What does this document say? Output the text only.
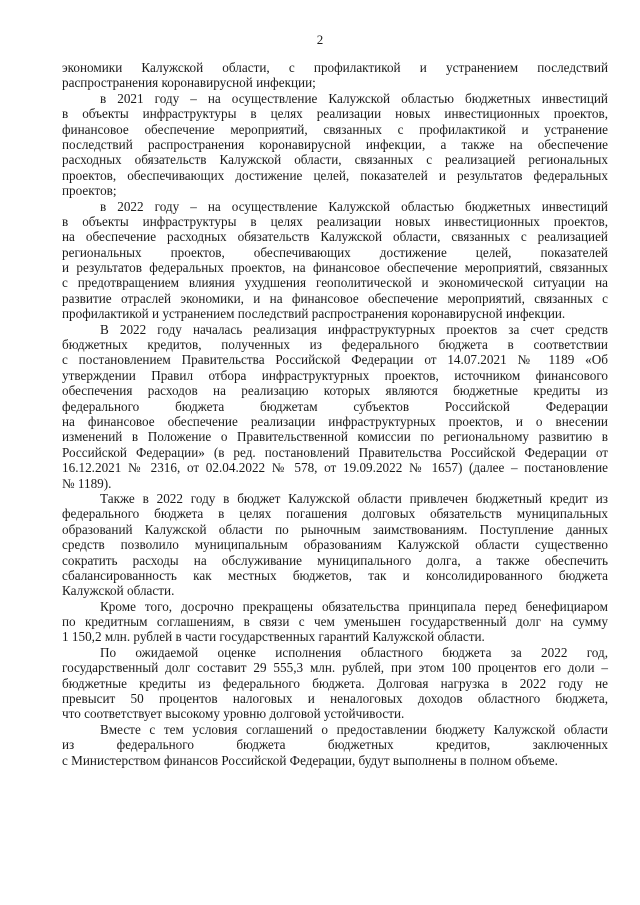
2
экономики Калужской области, с профилактикой и устранением последствий
распространения коронавирусной инфекции;
в 2021 году – на осуществление Калужской областью бюджетных инвестиций
в объекты инфраструктуры в целях реализации новых инвестиционных проектов,
финансовое обеспечение мероприятий, связанных с профилактикой и устранение
последствий распространения коронавирусной инфекции, а также на обеспечение
расходных обязательств Калужской области, связанных с реализацией региональных
проектов, обеспечивающих достижение целей, показателей и результатов федеральных
проектов;
в 2022 году – на осуществление Калужской областью бюджетных инвестиций
в объекты инфраструктуры в целях реализации новых инвестиционных проектов,
на обеспечение расходных обязательств Калужской области, связанных с реализацией
региональных проектов, обеспечивающих достижение целей, показателей
и результатов федеральных проектов, на финансовое обеспечение мероприятий, связанных
с предотвращением влияния ухудшения геополитической и экономической ситуации на
развитие отраслей экономики, и на финансовое обеспечение мероприятий, связанных с
профилактикой и устранением последствий распространения коронавирусной инфекции.
В 2022 году началась реализация инфраструктурных проектов за счет средств
бюджетных кредитов, полученных из федерального бюджета в соответствии
с постановлением Правительства Российской Федерации от 14.07.2021 № 1189 «Об
утверждении Правил отбора инфраструктурных проектов, источником финансового
обеспечения расходов на реализацию которых являются бюджетные кредиты из
федерального бюджета бюджетам субъектов Российской Федерации
на финансовое обеспечение реализации инфраструктурных проектов, и о внесении
изменений в Положение о Правительственной комиссии по региональному развитию в
Российской Федерации» (в ред. постановлений Правительства Российской Федерации от
16.12.2021 № 2316, от 02.04.2022 № 578, от 19.09.2022 № 1657) (далее – постановление
№ 1189).
Также в 2022 году в бюджет Калужской области привлечен бюджетный кредит из
федерального бюджета в целях погашения долговых обязательств муниципальных
образований Калужской области по рыночным заимствованиям. Поступление данных
средств позволило муниципальным образованиям Калужской области существенно
сократить расходы на обслуживание муниципального долга, а также обеспечить
сбалансированность как местных бюджетов, так и консолидированного бюджета
Калужской области.
Кроме того, досрочно прекращены обязательства принципала перед бенефициаром
по кредитным соглашениям, в связи с чем уменьшен государственный долг на сумму
1 150,2 млн. рублей в части государственных гарантий Калужской области.
По ожидаемой оценке исполнения областного бюджета за 2022 год,
государственный долг составит 29 555,3 млн. рублей, при этом 100 процентов его доли –
бюджетные кредиты из федерального бюджета. Долговая нагрузка в 2022 году не
превысит 50 процентов налоговых и неналоговых доходов областного бюджета,
что соответствует высокому уровню долговой устойчивости.
Вместе с тем условия соглашений о предоставлении бюджету Калужской области
из федерального бюджета бюджетных кредитов, заключенных
с Министерством финансов Российской Федерации, будут выполнены в полном объеме.
